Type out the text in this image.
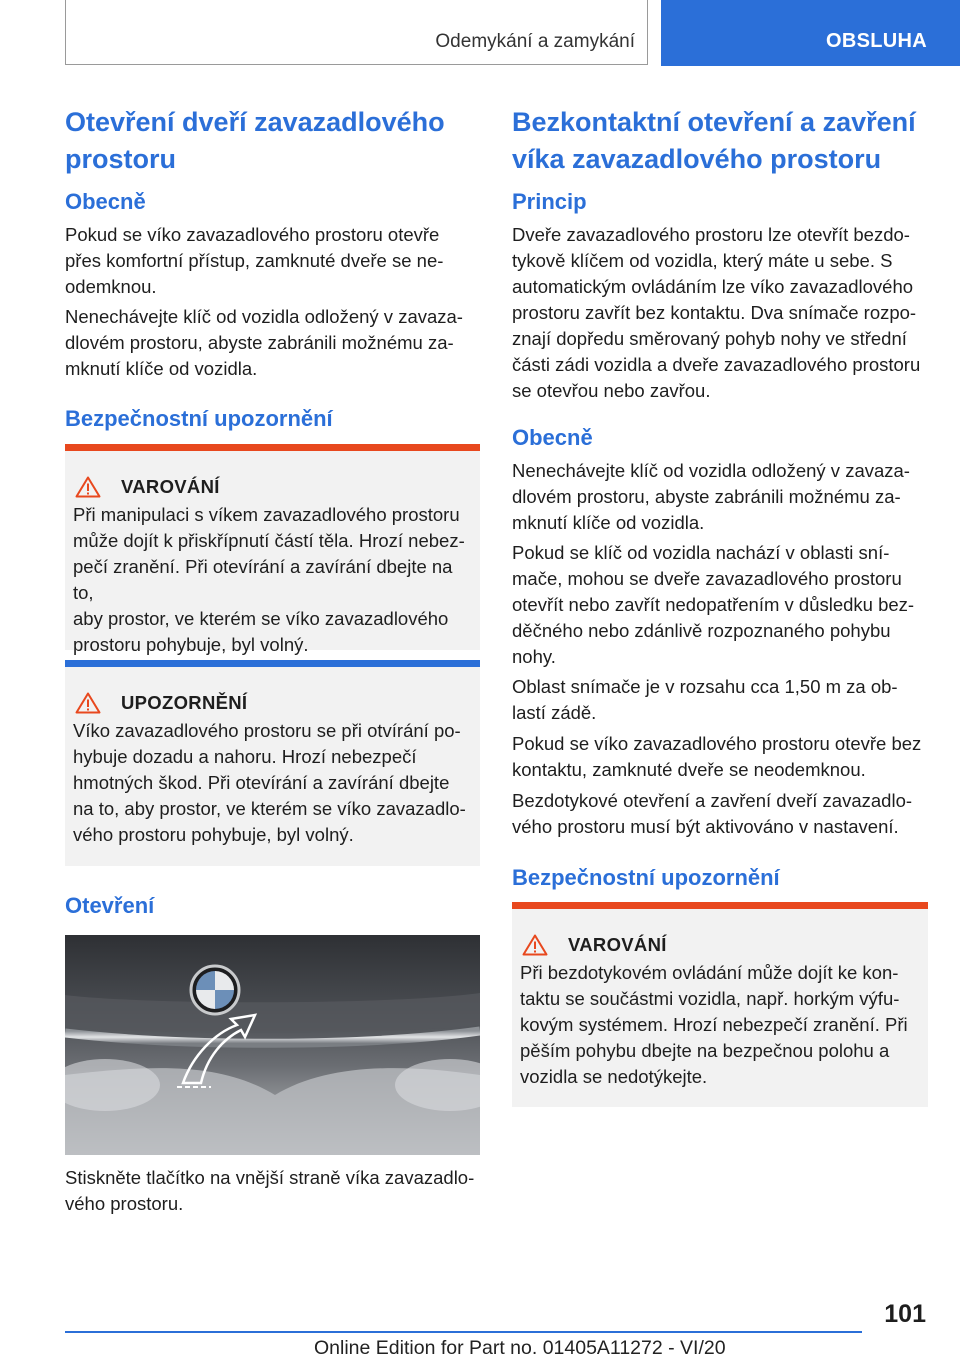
Odemykání a zamykání	OBSLUHA
Otevření dveří zavazadlového
prostoru
Obecně
Pokud se víko zavazadlového prostoru otevře
přes komfortní přístup, zamknuté dveře se ne‐
odemknou.
Nenechávejte klíč od vozidla odložený v zavaza‐
dlovém prostoru, abyste zabránili možnému za‐
mknutí klíče od vozidla.
Bezpečnostní upozornění
VAROVÁNÍ
Při manipulaci s víkem zavazadlového prostoru
může dojít k přiskřípnutí částí těla. Hrozí nebez‐
pečí zranění. Při otevírání a zavírání dbejte na to,
aby prostor, ve kterém se víko zavazadlového
prostoru pohybuje, byl volný.
UPOZORNĚNÍ
Víko zavazadlového prostoru se při otvírání po‐
hybuje dozadu a nahoru. Hrozí nebezpečí
hmotných škod. Při otevírání a zavírání dbejte
na to, aby prostor, ve kterém se víko zavazadlo‐
vého prostoru pohybuje, byl volný.
Otevření
Stiskněte tlačítko na vnější straně víka zavazadlo‐
vého prostoru.
Bezkontaktní otevření a zavření
víka zavazadlového prostoru
Princip
Dveře zavazadlového prostoru lze otevřít bezdo‐
tykově klíčem od vozidla, který máte u sebe. S
automatickým ovládáním lze víko zavazadlového
prostoru zavřít bez kontaktu. Dva snímače rozpo‐
znají dopředu směrovaný pohyb nohy ve střední
části zádi vozidla a dveře zavazadlového prostoru
se otevřou nebo zavřou.
Obecně
Nenechávejte klíč od vozidla odložený v zavaza‐
dlovém prostoru, abyste zabránili možnému za‐
mknutí klíče od vozidla.
Pokud se klíč od vozidla nachází v oblasti sní‐
mače, mohou se dveře zavazadlového prostoru
otevřít nebo zavřít nedopatřením v důsledku bez‐
děčného nebo zdánlivě rozpoznaného pohybu
nohy.
Oblast snímače je v rozsahu cca 1,50 m za ob‐
lastí zádě.
Pokud se víko zavazadlového prostoru otevře bez
kontaktu, zamknuté dveře se neodemknou.
Bezdotykové otevření a zavření dveří zavazadlo‐
vého prostoru musí být aktivováno v nastavení.
Bezpečnostní upozornění
VAROVÁNÍ
Při bezdotykovém ovládání může dojít ke kon‐
taktu se součástmi vozidla, např. horkým výfu‐
kovým systémem. Hrozí nebezpečí zranění. Při
pěším pohybu dbejte na bezpečnou polohu a
vozidla se nedotýkejte.
101
Online Edition for Part no. 01405A11272 - VI/20
